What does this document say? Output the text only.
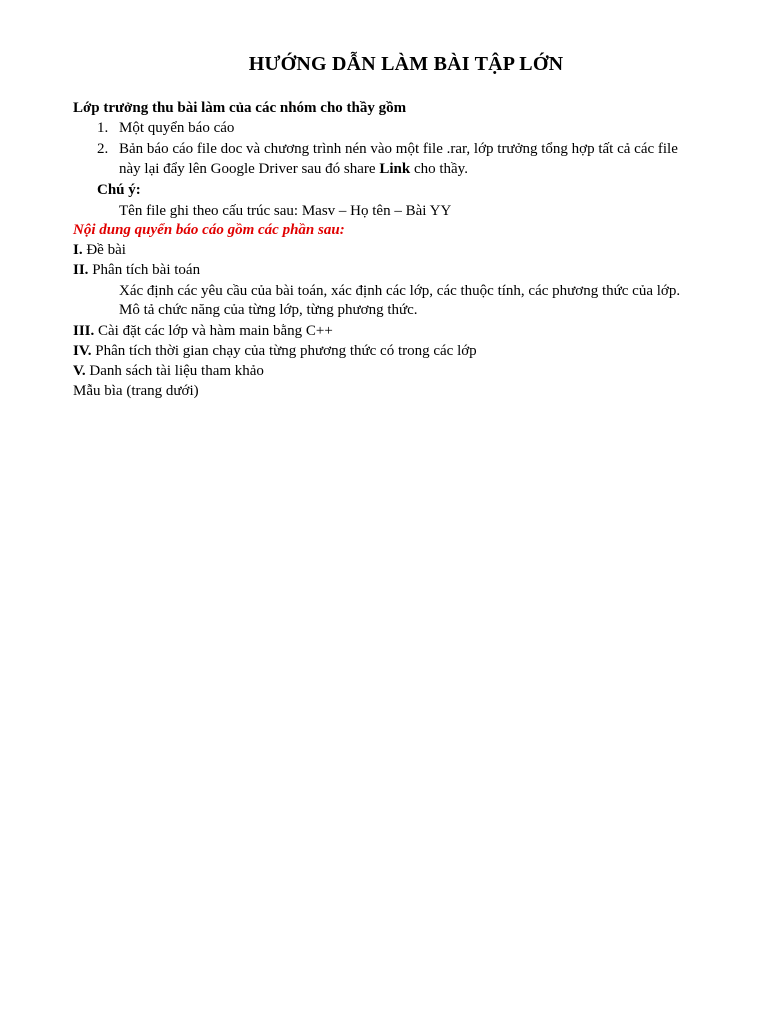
HƯỚNG DẪN LÀM BÀI TẬP LỚN
Lớp trưởng thu bài làm của các nhóm cho thầy gồm
1. Một quyển báo cáo
2. Bản báo cáo file doc và chương trình nén vào một file .rar, lớp trưởng tổng hợp tất cả các file
này lại đẩy lên Google Driver sau đó share Link cho thầy.
Chú ý:
Tên file ghi theo cấu trúc sau: Masv – Họ tên – Bài YY
Nội dung quyển báo cáo gồm các phần sau:
I. Đề bài
II. Phân tích bài toán
Xác định các yêu cầu của bài toán, xác định các lớp, các thuộc tính, các phương thức của lớp.
Mô tả chức năng của từng lớp, từng phương thức.
III. Cài đặt các lớp và hàm main bằng C++
IV. Phân tích thời gian chạy của từng phương thức có trong các lớp
V. Danh sách tài liệu tham khảo
Mẫu bìa (trang dưới)
